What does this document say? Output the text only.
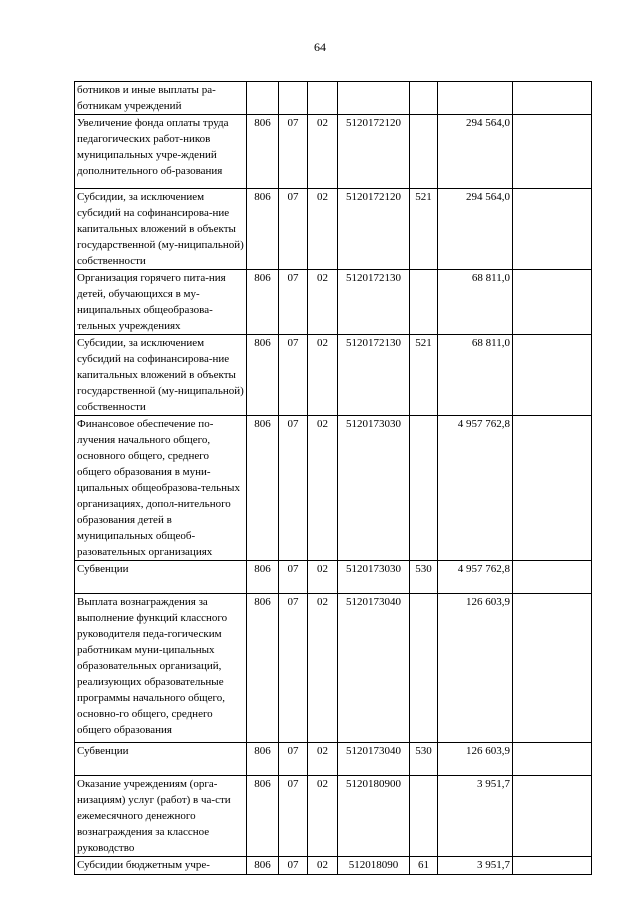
64
ботников и иные выплаты ра-ботникам учреждений							
Увеличение фонда оплаты труда педагогических работ-ников муниципальных учре-ждений дополнительного об-разования	806	07	02	5120172120		294 564,0	
Субсидии, за исключением субсидий на софинансирова-ние капитальных вложений в объекты государственной (му-ниципальной) собственности	806	07	02	5120172120	521	294 564,0	
Организация горячего пита-ния детей, обучающихся в му-ниципальных общеобразова-тельных учреждениях	806	07	02	5120172130		68 811,0	
Субсидии, за исключением субсидий на софинансирова-ние капитальных вложений в объекты государственной (му-ниципальной) собственности	806	07	02	5120172130	521	68 811,0	
Финансовое обеспечение по-лучения начального общего, основного общего, среднего общего образования в муни-ципальных общеобразова-тельных организациях, допол-нительного образования детей в муниципальных общеоб-разовательных организациях	806	07	02	5120173030		4 957 762,8	
Субвенции	806	07	02	5120173030	530	4 957 762,8	
Выплата вознаграждения за выполнение функций классного руководителя педа-гогическим работникам муни-ципальных образовательных организаций, реализующих образовательные программы начального общего, основно-го общего, среднего общего образования	806	07	02	5120173040		126 603,9	
Субвенции	806	07	02	5120173040	530	126 603,9	
Оказание учреждениям (орга-низациям) услуг (работ) в ча-сти ежемесячного денежного вознаграждения за классное руководство	806	07	02	5120180900		3 951,7	
Субсидии бюджетным учре-	806	07	02	512018090	61	3 951,7	
